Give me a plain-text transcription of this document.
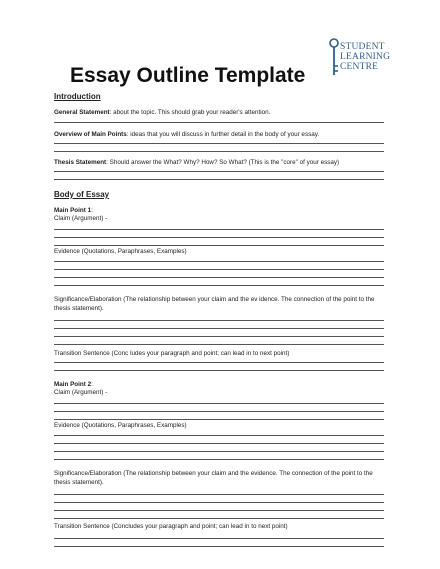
STUDENT
LEARNING
CENTRE
Essay Outline Template
Introduction
General Statement: about the topic. This should grab your reader's attention.
Overview of Main Points: ideas that you will discuss in further detail in the body of your essay.
Thesis Statement: Should answer the What? Why? How? So What? (This is the "core" of your essay)
Body of Essay
Main Point 1:
Claim (Argument) -
Evidence (Quotations, Paraphrases, Examples)
Significance/Elaboration (The relationship between your claim and the ev idence. The connection of the point to the thesis statement).
Transition Sentence (Conc ludes your paragraph and point; can lead in to next point)
Main Point 2:
Claim (Argument) -
Evidence (Quotations, Paraphrases, Examples)
Significance/Elaboration (The relationship between your claim and the evidence. The connection of the point to the thesis statement).
Transition Sentence (Concludes your paragraph and point; can lead in to next point)
